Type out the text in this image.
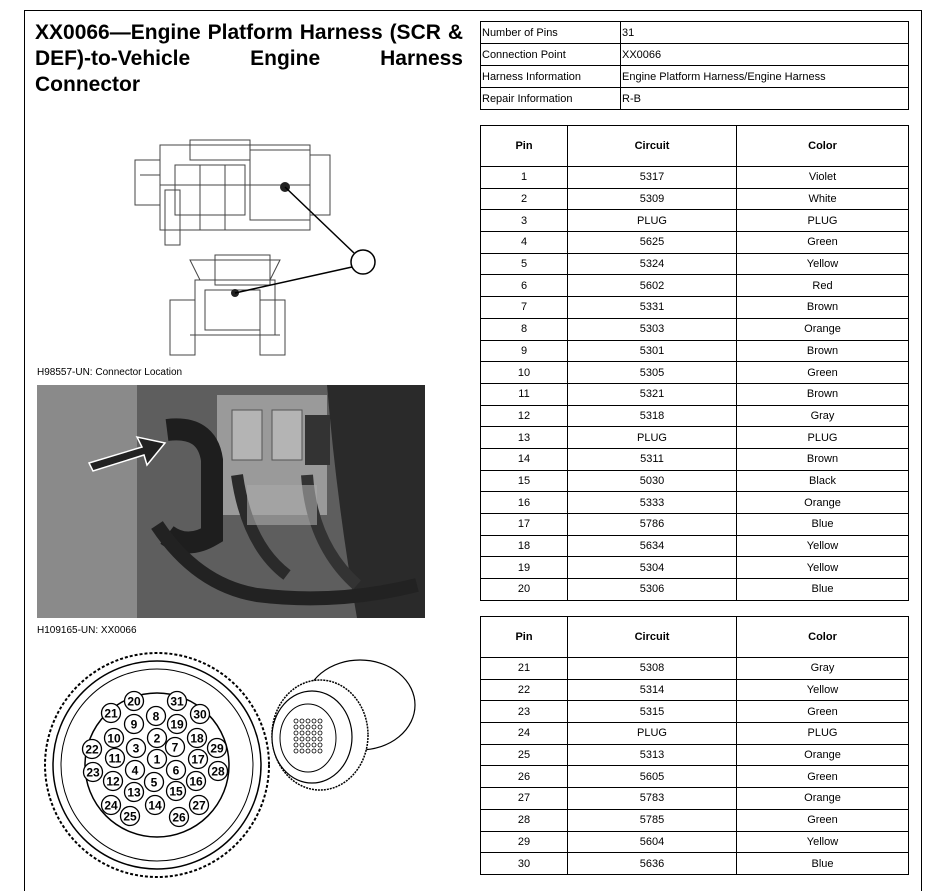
XX0066—Engine Platform Harness (SCR & DEF)-to-Vehicle Engine Harness Connector
H98557-UN: Connector Location
H109165-UN: XX0066
1
2
3
4
5
6
7
8
9
10
11
12
13
14
15
16
17
18
19
20
21
22
23
24
25	26
27
28
29
30
31
Number of Pins	31
Connection Point	XX0066
Harness Information	Engine Platform Harness/Engine Harness
Repair Information	R-B
Pin	Circuit	Color
1	5317	Violet
2	5309	White
3	PLUG	PLUG
4	5625	Green
5	5324	Yellow
6	5602	Red
7	5331	Brown
8	5303	Orange
9	5301	Brown
10	5305	Green
11	5321	Brown
12	5318	Gray
13	PLUG	PLUG
14	5311	Brown
15	5030	Black
16	5333	Orange
17	5786	Blue
18	5634	Yellow
19	5304	Yellow
20	5306	Blue
Pin	Circuit	Color
21	5308	Gray
22	5314	Yellow
23	5315	Green
24	PLUG	PLUG
25	5313	Orange
26	5605	Green
27	5783	Orange
28	5785	Green
29	5604	Yellow
30	5636	Blue
